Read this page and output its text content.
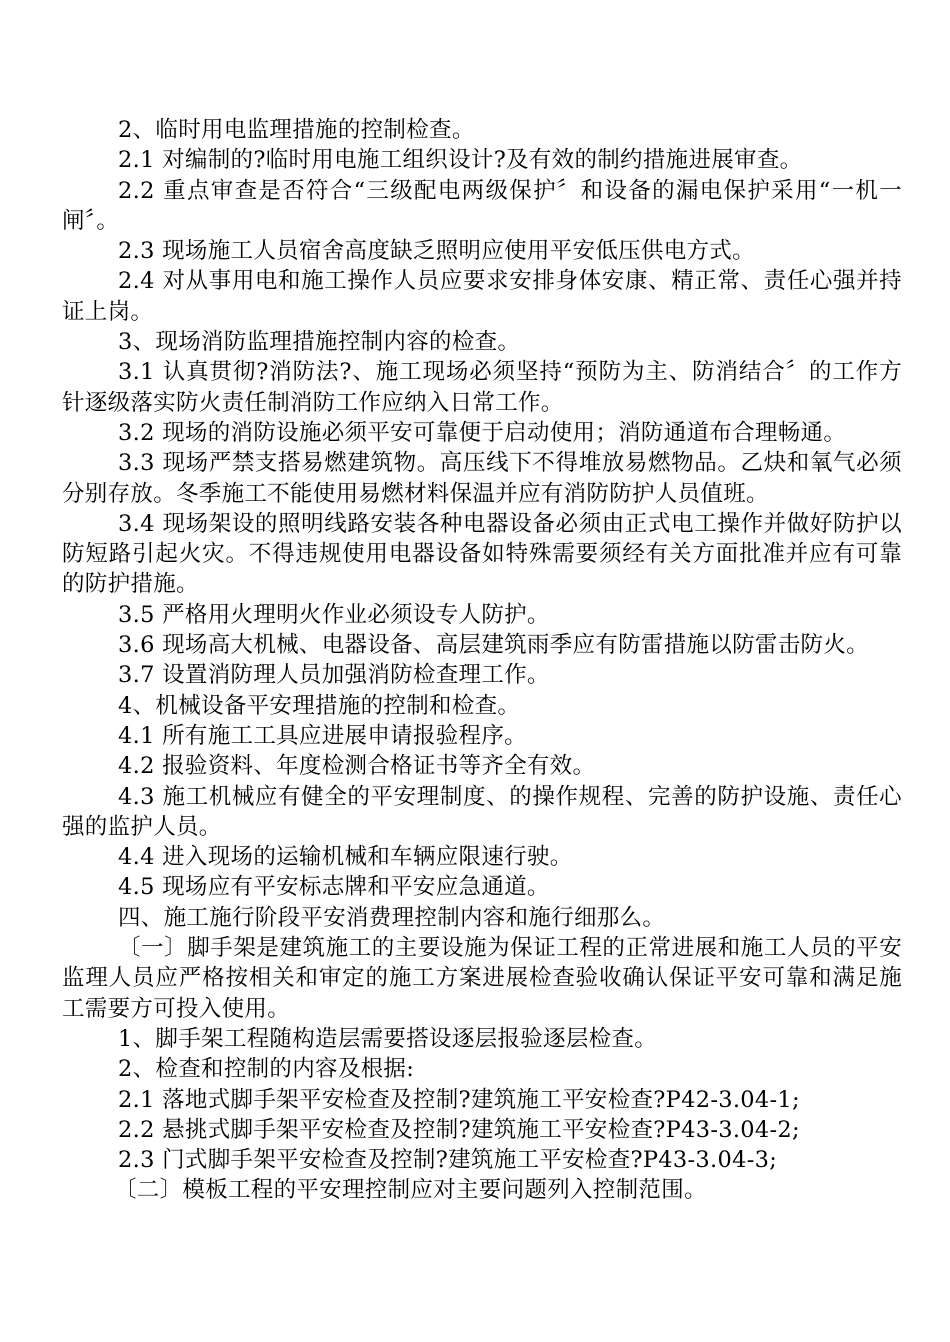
2、临时用电监理措施的控制检查。

2.1 对编制的?临时用电施工组织设计?及有效的制约措施进展审查。

2.2 重点审查是否符合“三级配电两级保护〞和设备的漏电保护采用“一机一闸〞。

2.3 现场施工人员宿舍高度缺乏照明应使用平安低压供电方式。

2.4 对从事用电和施工操作人员应要求安排身体安康、精正常、责任心强并持证上岗。

3、现场消防监理措施控制内容的检查。

3.1 认真贯彻?消防法?、施工现场必须坚持“预防为主、防消结合〞的工作方针逐级落实防火责任制消防工作应纳入日常工作。

3.2 现场的消防设施必须平安可靠便于启动使用；消防通道布合理畅通。

3.3 现场严禁支搭易燃建筑物。高压线下不得堆放易燃物品。乙炔和氧气必须分别存放。冬季施工不能使用易燃材料保温并应有消防防护人员值班。

3.4 现场架设的照明线路安装各种电器设备必须由正式电工操作并做好防护以防短路引起火灾。不得违规使用电器设备如特殊需要须经有关方面批准并应有可靠的防护措施。

3.5 严格用火理明火作业必须设专人防护。

3.6 现场高大机械、电器设备、高层建筑雨季应有防雷措施以防雷击防火。

3.7 设置消防理人员加强消防检查理工作。

4、机械设备平安理措施的控制和检查。

4.1 所有施工工具应进展申请报验程序。

4.2 报验资料、年度检测合格证书等齐全有效。

4.3 施工机械应有健全的平安理制度、的操作规程、完善的防护设施、责任心强的监护人员。

4.4 进入现场的运输机械和车辆应限速行驶。

4.5 现场应有平安标志牌和平安应急通道。

四、施工施行阶段平安消费理控制内容和施行细那么。

〔一〕脚手架是建筑施工的主要设施为保证工程的正常进展和施工人员的平安监理人员应严格按相关和审定的施工方案进展检查验收确认保证平安可靠和满足施工需要方可投入使用。

1、脚手架工程随构造层需要搭设逐层报验逐层检查。

2、检查和控制的内容及根据:

2.1 落地式脚手架平安检查及控制?建筑施工平安检查?P42-3.04-1;

2.2 悬挑式脚手架平安检查及控制?建筑施工平安检查?P43-3.04-2;

2.3 门式脚手架平安检查及控制?建筑施工平安检查?P43-3.04-3;

〔二〕模板工程的平安理控制应对主要问题列入控制范围。
